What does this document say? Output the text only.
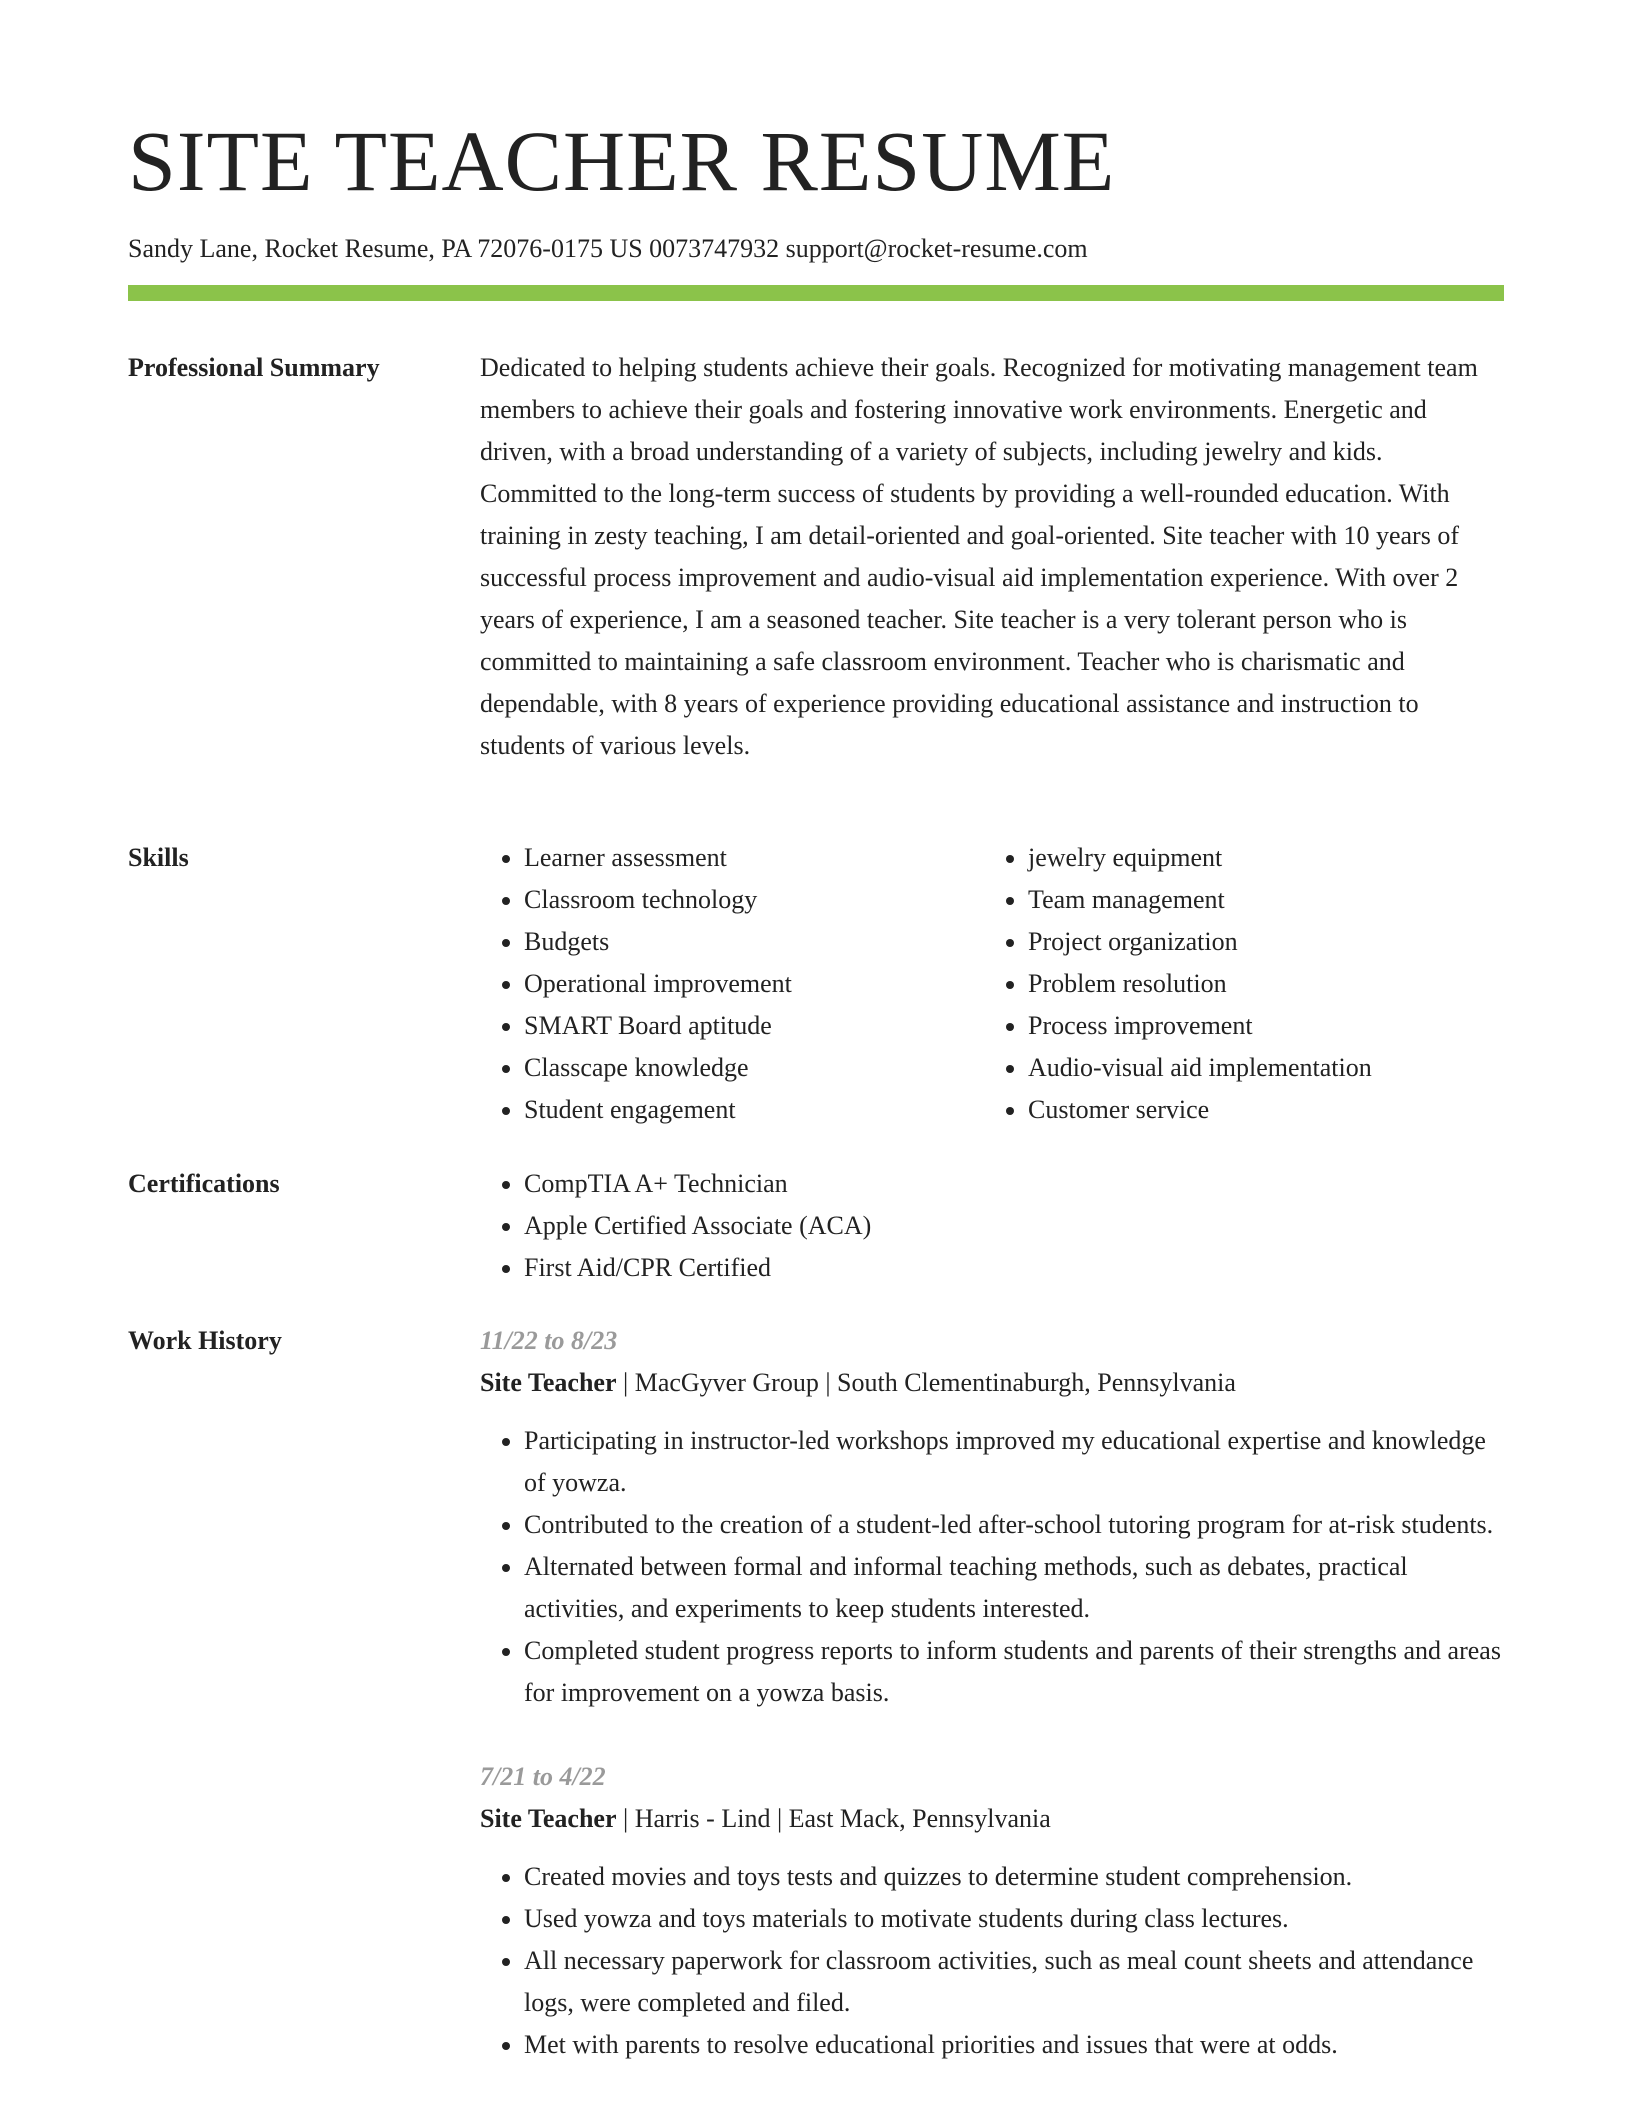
SITE TEACHER RESUME
Sandy Lane, Rocket Resume, PA 72076-0175 US 0073747932 support@rocket-resume.com
Professional Summary	Dedicated to helping students achieve their goals. Recognized for motivating management team members to achieve their goals and fostering innovative work environments. Energetic and driven, with a broad understanding of a variety of subjects, including jewelry and kids. Committed to the long-term success of students by providing a well-rounded education. With training in zesty teaching, I am detail-oriented and goal-oriented. Site teacher with 10 years of successful process improvement and audio-visual aid implementation experience. With over 2 years of experience, I am a seasoned teacher. Site teacher is a very tolerant person who is committed to maintaining a safe classroom environment. Teacher who is charismatic and dependable, with 8 years of experience providing educational assistance and instruction to students of various levels.

Skills	• Learner assessment
• Classroom technology
• Budgets
• Operational improvement
• SMART Board aptitude
• Classcape knowledge
• Student engagement
• jewelry equipment
• Team management
• Project organization
• Problem resolution
• Process improvement
• Audio-visual aid implementation
• Customer service
Certifications	• CompTIA A+ Technician
• Apple Certified Associate (ACA)
• First Aid/CPR Certified
Work History	11/22 to 8/23
Site Teacher | MacGyver Group | South Clementinaburgh, Pennsylvania
• Participating in instructor-led workshops improved my educational expertise and knowledge of yowza.
• Contributed to the creation of a student-led after-school tutoring program for at-risk students.
• Alternated between formal and informal teaching methods, such as debates, practical activities, and experiments to keep students interested.
• Completed student progress reports to inform students and parents of their strengths and areas for improvement on a yowza basis.
7/21 to 4/22
Site Teacher | Harris - Lind | East Mack, Pennsylvania
• Created movies and toys tests and quizzes to determine student comprehension.
• Used yowza and toys materials to motivate students during class lectures.
• All necessary paperwork for classroom activities, such as meal count sheets and attendance logs, were completed and filed.
• Met with parents to resolve educational priorities and issues that were at odds.
